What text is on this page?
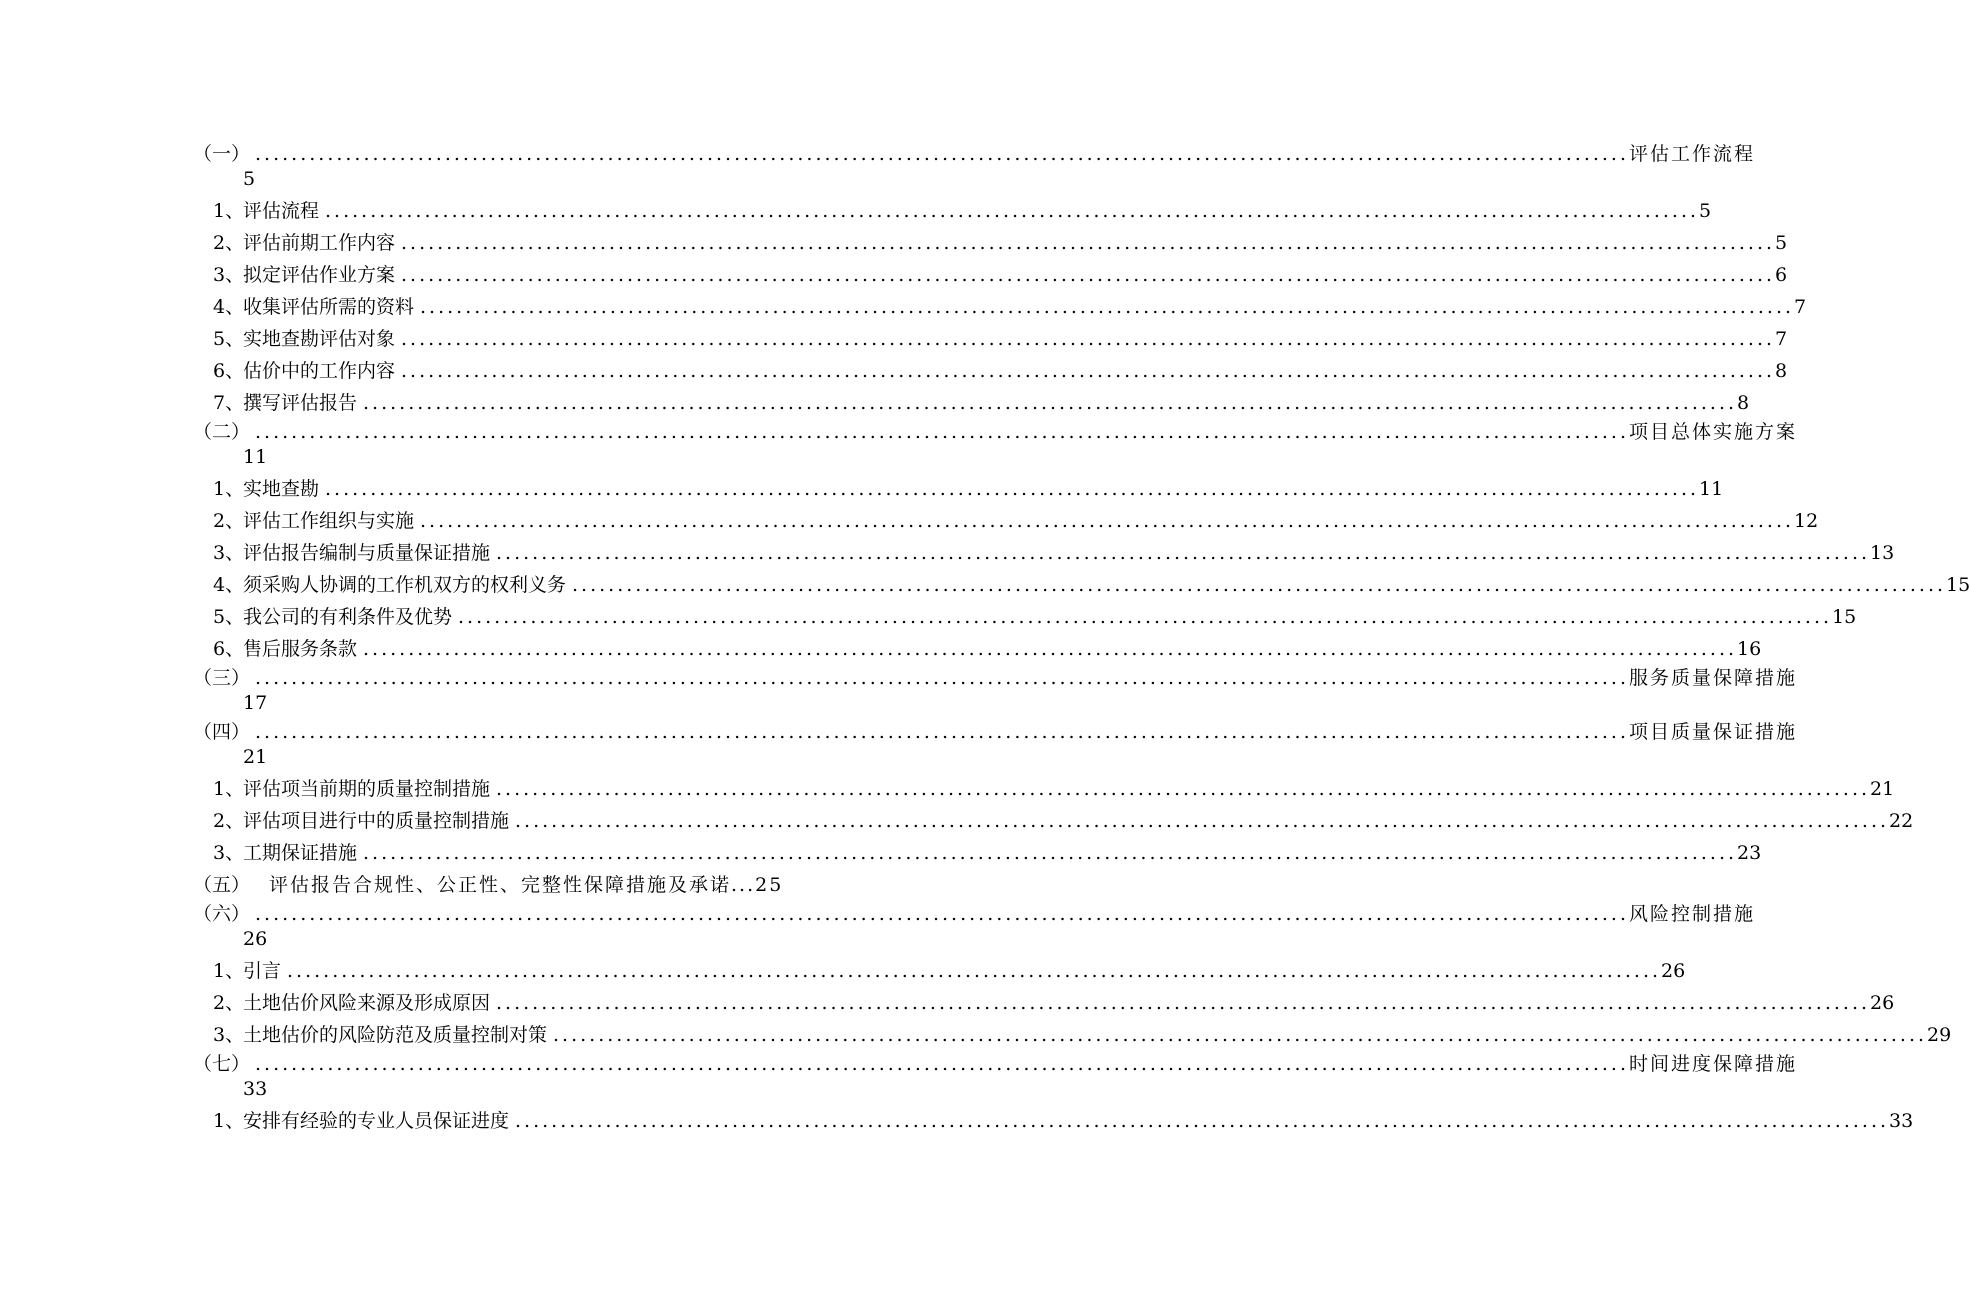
（一） ........................................................................................................................................................ 评估工作流程
5
1、
评估流程 ........................................................................................................................................................ 5
2、
评估前期工作内容 ........................................................................................................................................................ 5
3、
拟定评估作业方案 ........................................................................................................................................................ 6
4、
收集评估所需的资料 ........................................................................................................................................................ 7
5、
实地查勘评估对象 ........................................................................................................................................................ 7
6、
估价中的工作内容 ........................................................................................................................................................ 8
7、
撰写评估报告 ........................................................................................................................................................ 8
（二） ........................................................................................................................................................ 项目总体实施方案
11
1、
实地查勘 ........................................................................................................................................................ 11
2、
评估工作组织与实施 ........................................................................................................................................................ 12
3、
评估报告编制与质量保证措施 ........................................................................................................................................................ 13
4、
须采购人协调的工作机双方的权利义务 ........................................................................................................................................................ 15
5、
我公司的有利条件及优势 ........................................................................................................................................................ 15
6、
售后服务条款 ........................................................................................................................................................ 16
（三） ........................................................................................................................................................ 服务质量保障措施
17
（四） ........................................................................................................................................................ 项目质量保证措施
21
1、
评估项当前期的质量控制措施 ........................................................................................................................................................ 21
2、
评估项目进行中的质量控制措施 ........................................................................................................................................................ 22
3、
工期保证措施 ........................................................................................................................................................ 23
（五） 评估报告合规性、公正性、完整性保障措施及承诺...25
（六） ........................................................................................................................................................ 风险控制措施
26
1、
引言 ........................................................................................................................................................ 26
2、
土地估价风险来源及形成原因 ........................................................................................................................................................ 26
3、
土地估价的风险防范及质量控制对策 ........................................................................................................................................................ 29
（七） ........................................................................................................................................................ 时间进度保障措施
33
1、
安排有经验的专业人员保证进度 ........................................................................................................................................................ 33
